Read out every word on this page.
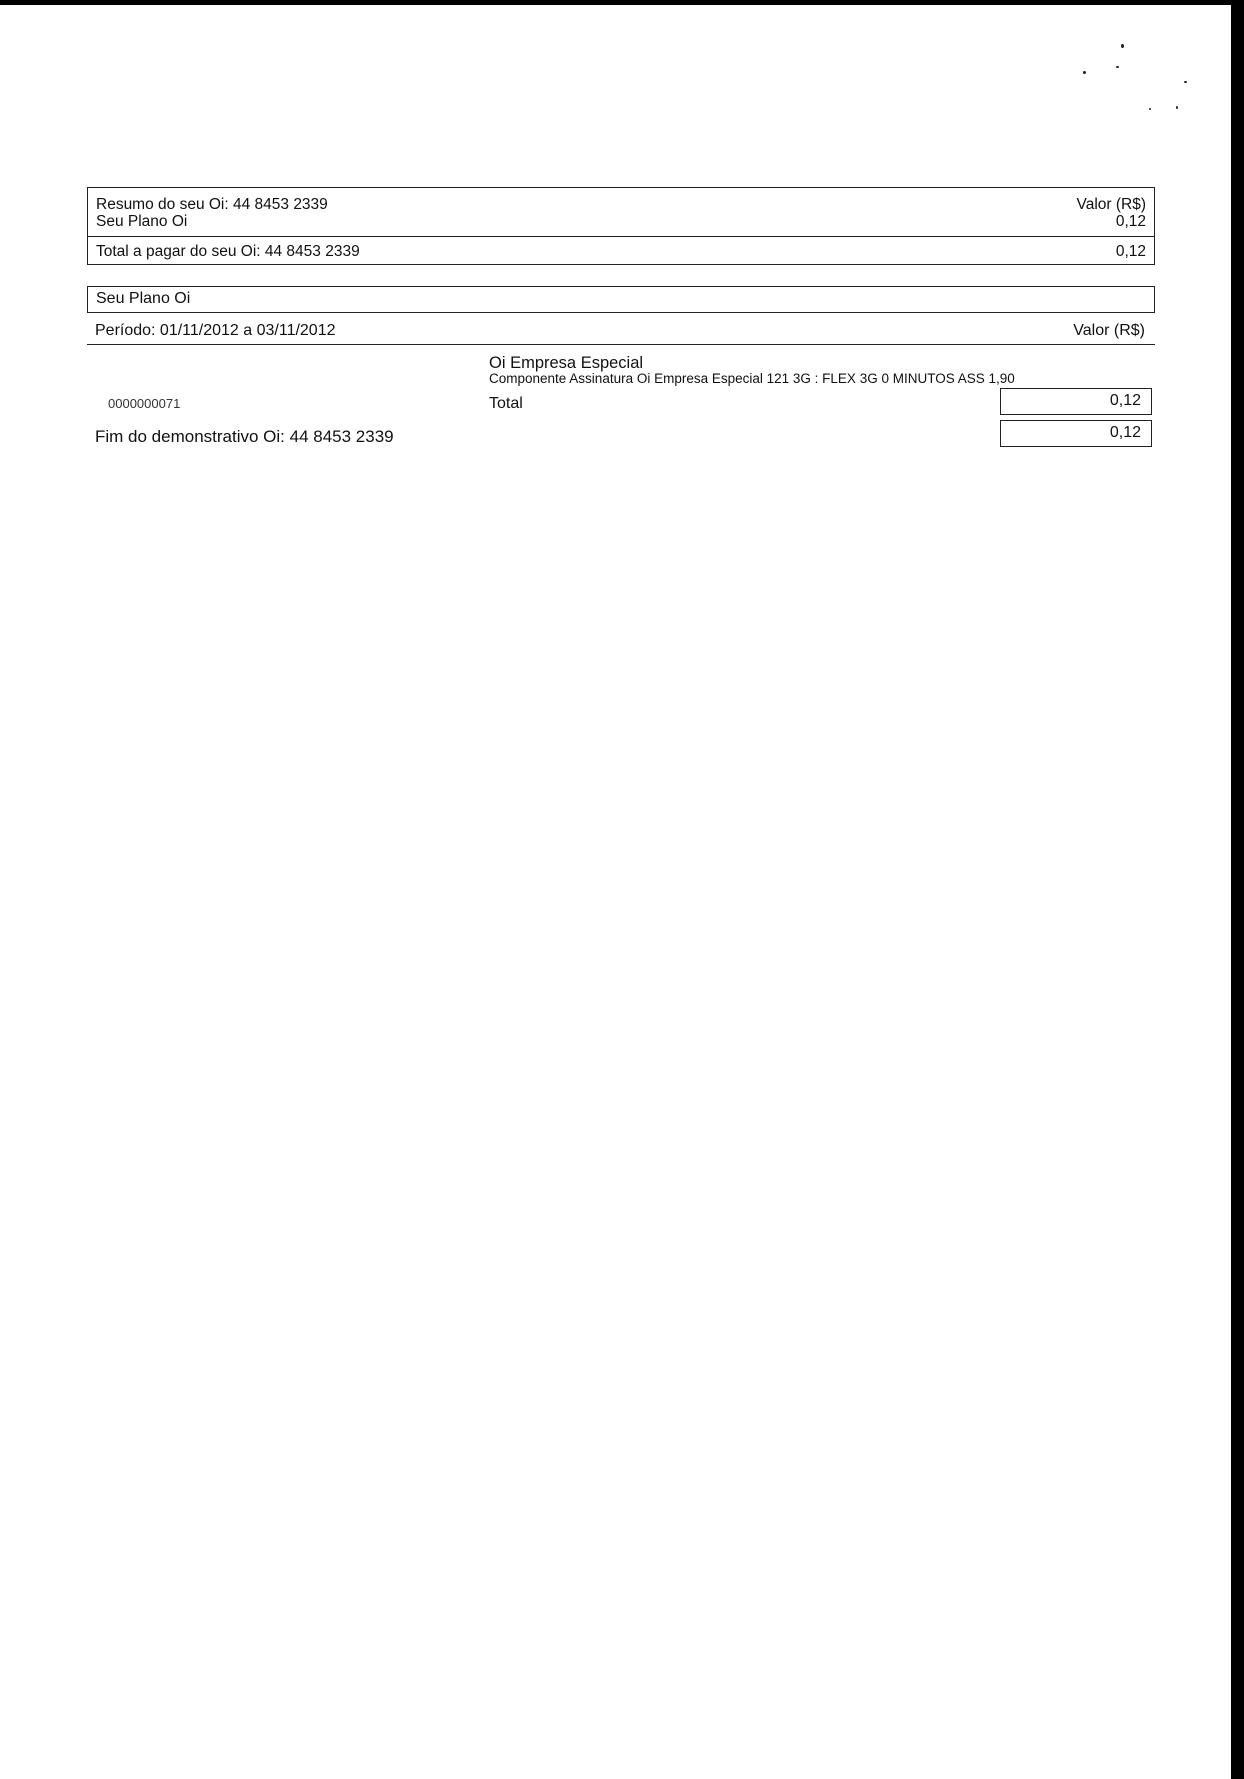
Resumo do seu Oi: 44 8453 2339	Valor (R$)
Seu Plano Oi	0,12
Total a pagar do seu Oi: 44 8453 2339	0,12
Seu Plano Oi
Período: 01/11/2012 a 03/11/2012	Valor (R$)
Oi Empresa Especial
Componente Assinatura Oi Empresa Especial 121 3G : FLEX 3G 0 MINUTOS ASS 1,90
0000000071	Total	0,12
Fim do demonstrativo Oi: 44 8453 2339	0,12
